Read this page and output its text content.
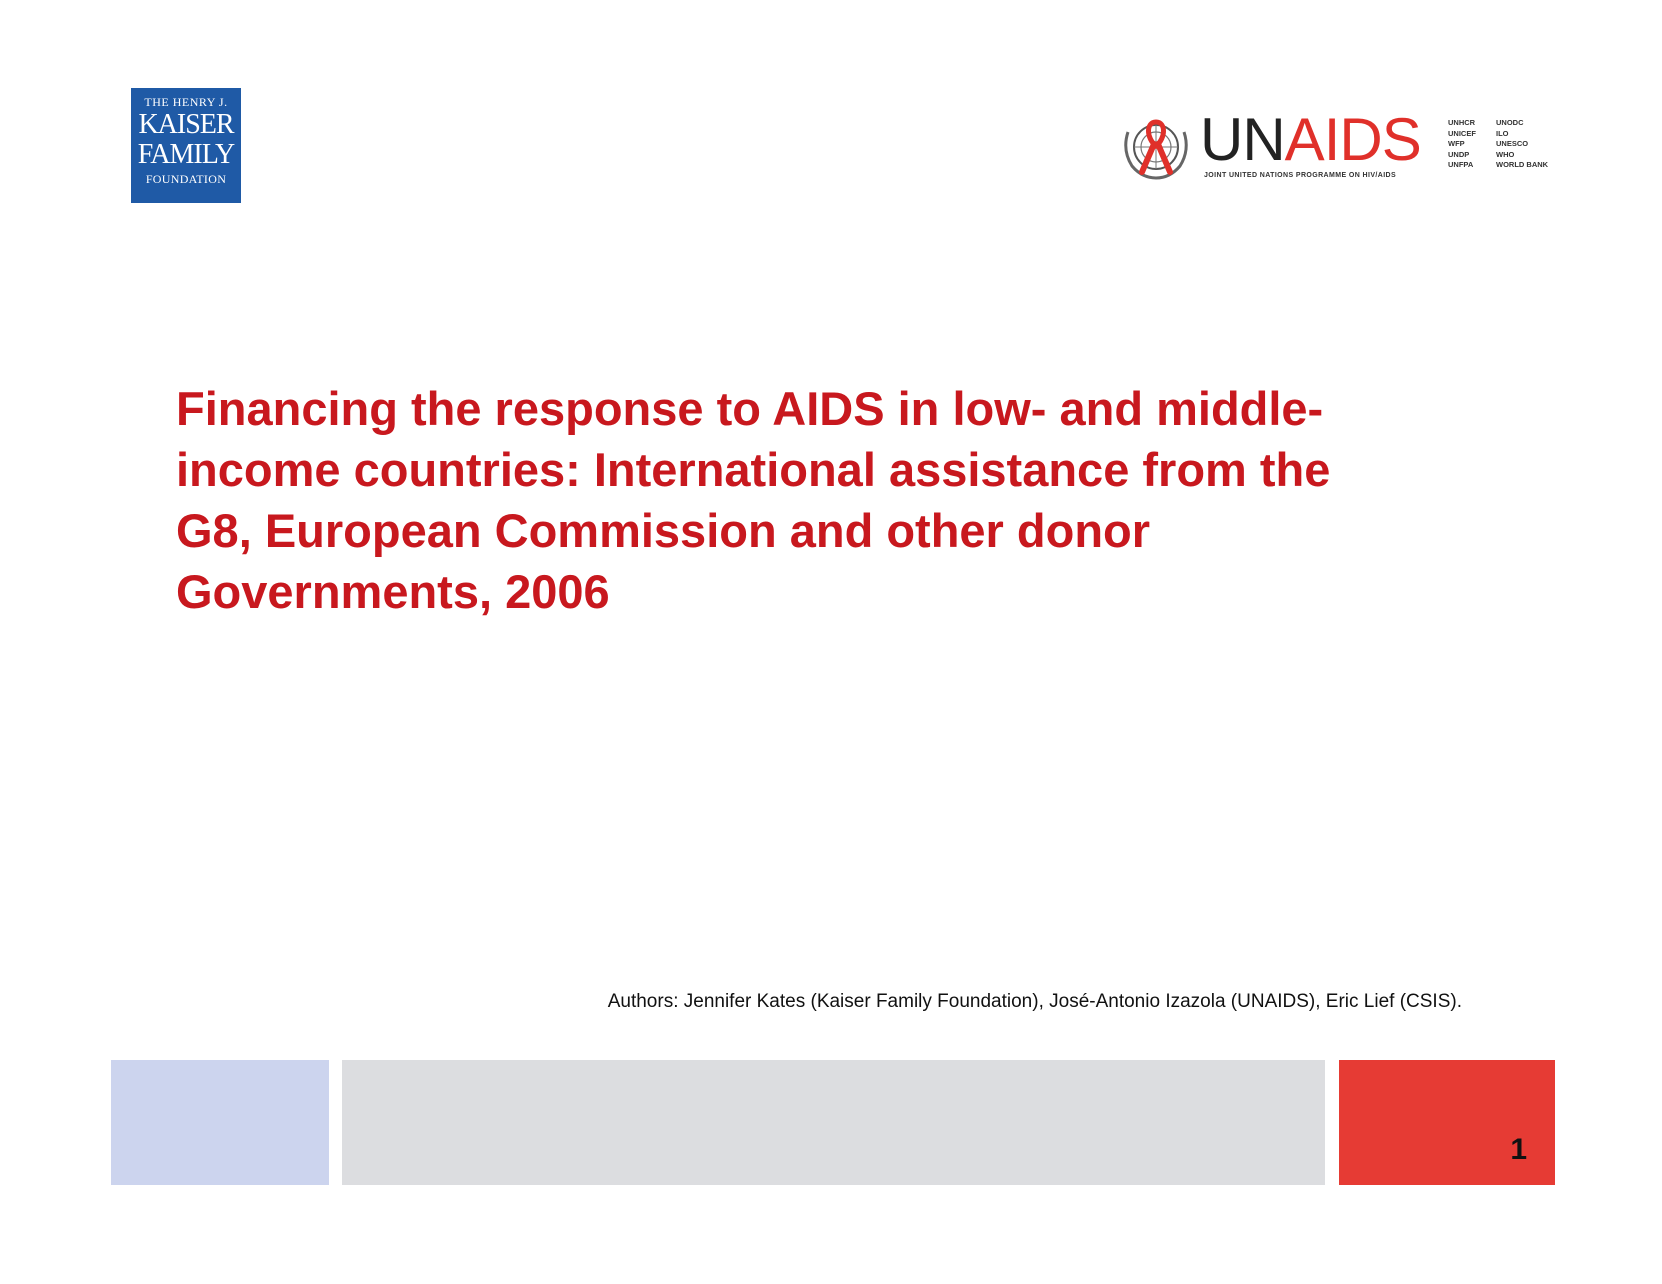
THE HENRY J.
KAISER
FAMILY
FOUNDATION
UNAIDS
JOINT UNITED NATIONS PROGRAMME ON HIV/AIDS
UNHCR
UNICEF
WFP
UNDP
UNFPA
UNODC
ILO
UNESCO
WHO
WORLD BANK
Financing the response to AIDS in low- and middle-
income countries: International assistance from the
G8, European Commission and other donor
Governments, 2006
Authors: Jennifer Kates (Kaiser Family Foundation), José-Antonio Izazola (UNAIDS), Eric Lief (CSIS).
1
